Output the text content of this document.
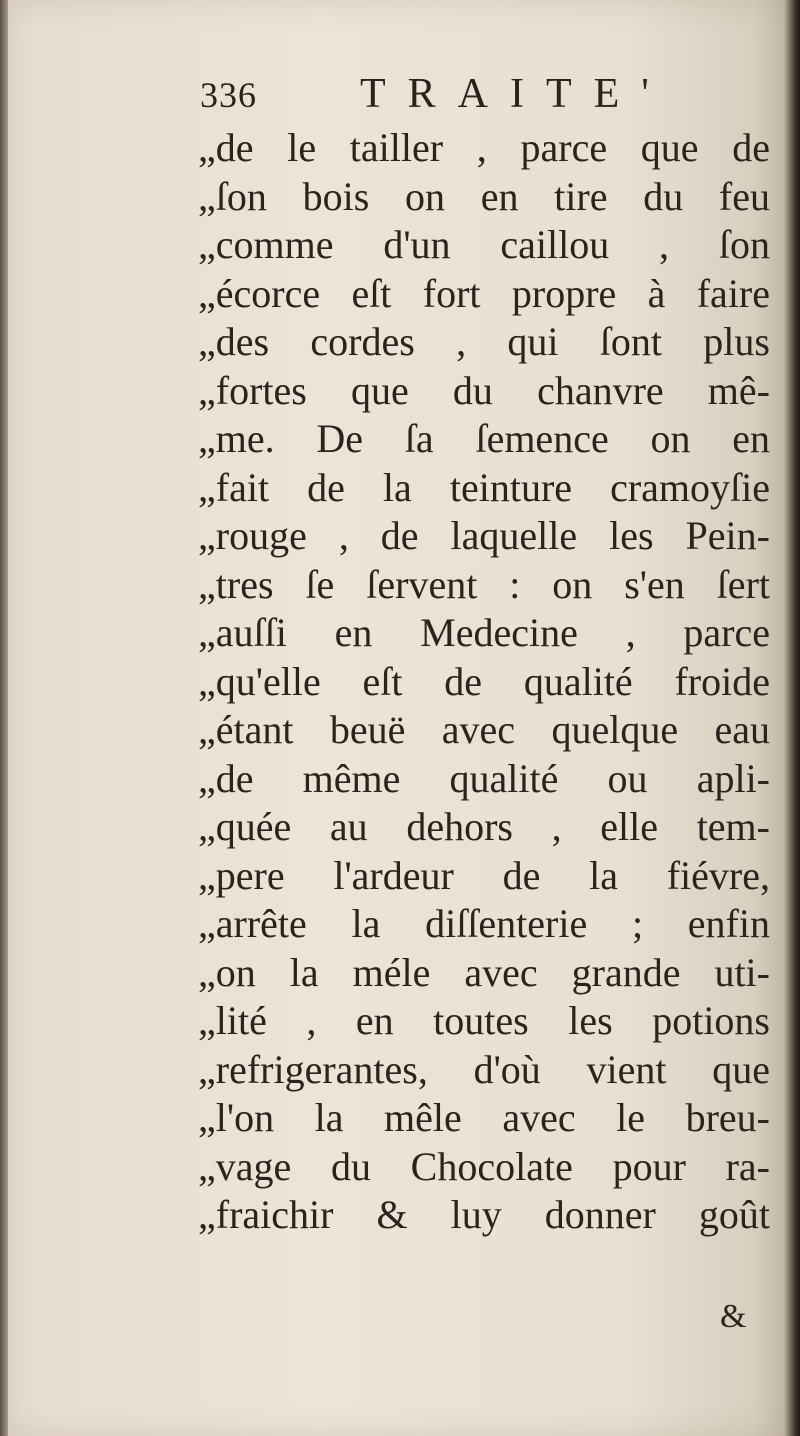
336 TRAITE'
„de le tailler , parce que de
„ſon bois on en tire du feu
„comme d'un caillou , ſon
„écorce eſt fort propre à faire
„des cordes , qui ſont plus
„fortes que du chanvre mê-
„me. De ſa ſemence on en
„fait de la teinture cramoyſie
„rouge , de laquelle les Pein-
„tres ſe ſervent : on s'en ſert
„auſſi en Medecine , parce
„qu'elle eſt de qualité froide
„étant beuë avec quelque eau
„de même qualité ou apli-
„quée au dehors , elle tem-
„pere l'ardeur de la fiévre,
„arrête la diſſenterie ; enfin
„on la méle avec grande uti-
„lité , en toutes les potions
„refrigerantes, d'où vient que
„l'on la mêle avec le breu-
„vage du Chocolate pour ra-
„fraichir & luy donner goût
&
